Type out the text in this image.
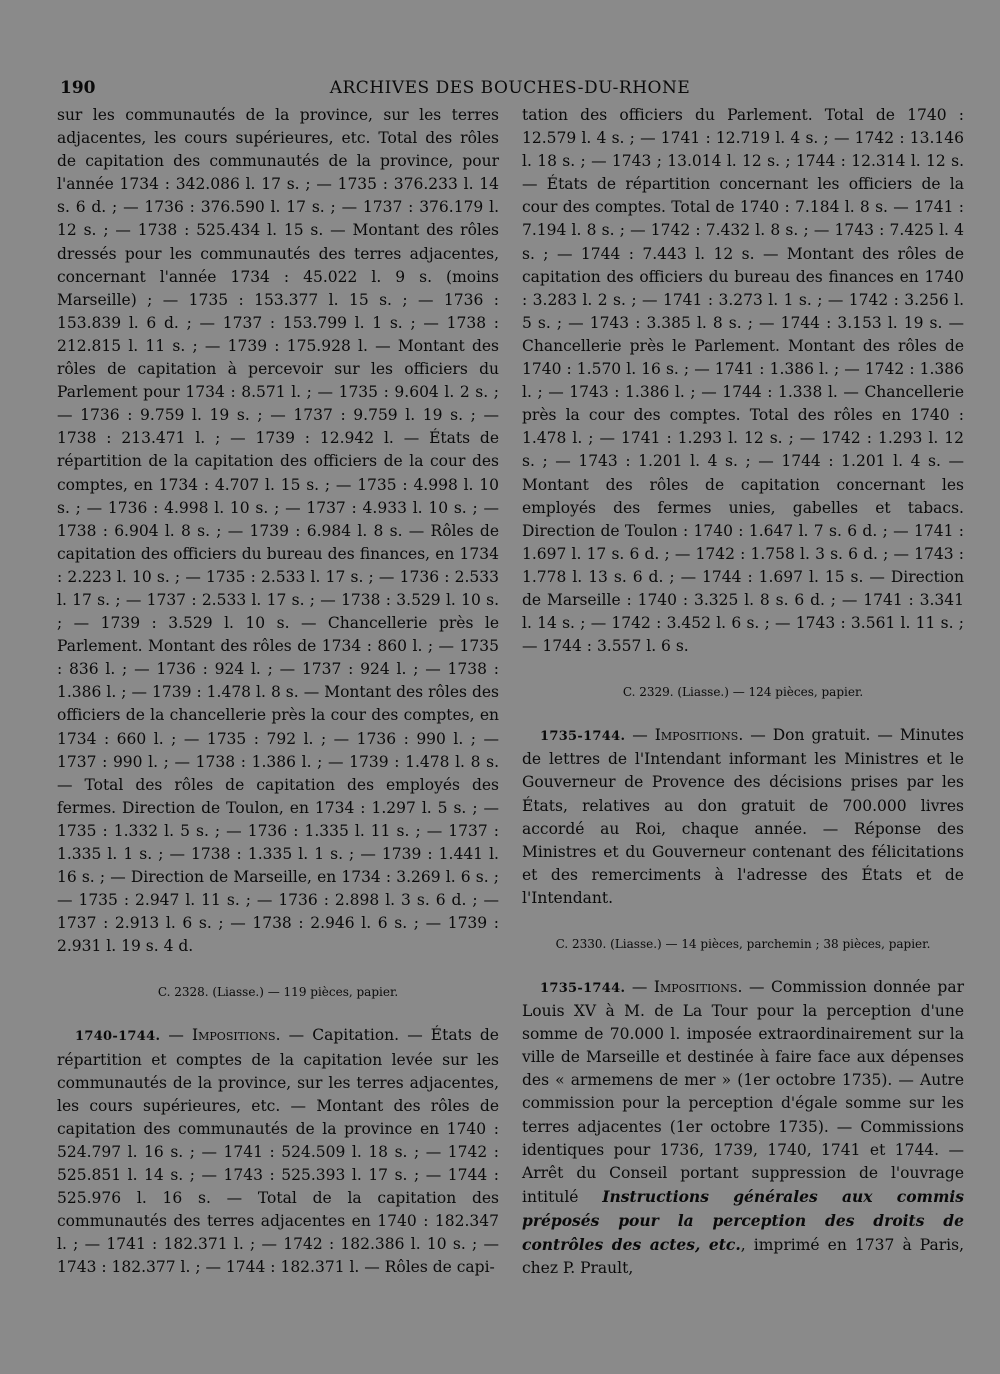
190	ARCHIVES DES BOUCHES-DU-RHONE

sur les communautés de la province, sur les terres adjacentes, les cours supérieures, etc. Total des rôles de capitation des communautés de la province, pour l'année 1734 : 342.086 l. 17 s. ; — 1735 : 376.233 l. 14 s. 6 d. ; — 1736 : 376.590 l. 17 s. ; — 1737 : 376.179 l. 12 s. ; — 1738 : 525.434 l. 15 s. — Montant des rôles dressés pour les communautés des terres adjacentes, concernant l'année 1734 : 45.022 l. 9 s. (moins Marseille) ; — 1735 : 153.377 l. 15 s. ; — 1736 : 153.839 l. 6 d. ; — 1737 : 153.799 l. 1 s. ; — 1738 : 212.815 l. 11 s. ; — 1739 : 175.928 l. — Montant des rôles de capitation à percevoir sur les officiers du Parlement pour 1734 : 8.571 l. ; — 1735 : 9.604 l. 2 s. ; — 1736 : 9.759 l. 19 s. ; — 1737 : 9.759 l. 19 s. ; — 1738 : 213.471 l. ; — 1739 : 12.942 l. — États de répartition de la capitation des officiers de la cour des comptes, en 1734 : 4.707 l. 15 s. ; — 1735 : 4.998 l. 10 s. ; — 1736 : 4.998 l. 10 s. ; — 1737 : 4.933 l. 10 s. ; — 1738 : 6.904 l. 8 s. ; — 1739 : 6.984 l. 8 s. — Rôles de capitation des officiers du bureau des finances, en 1734 : 2.223 l. 10 s. ; — 1735 : 2.533 l. 17 s. ; — 1736 : 2.533 l. 17 s. ; — 1737 : 2.533 l. 17 s. ; — 1738 : 3.529 l. 10 s. ; — 1739 : 3.529 l. 10 s. — Chancellerie près le Parlement. Montant des rôles de 1734 : 860 l. ; — 1735 : 836 l. ; — 1736 : 924 l. ; — 1737 : 924 l. ; — 1738 : 1.386 l. ; — 1739 : 1.478 l. 8 s. — Montant des rôles des officiers de la chancellerie près la cour des comptes, en 1734 : 660 l. ; — 1735 : 792 l. ; — 1736 : 990 l. ; — 1737 : 990 l. ; — 1738 : 1.386 l. ; — 1739 : 1.478 l. 8 s. — Total des rôles de capitation des employés des fermes. Direction de Toulon, en 1734 : 1.297 l. 5 s. ; — 1735 : 1.332 l. 5 s. ; — 1736 : 1.335 l. 11 s. ; — 1737 : 1.335 l. 1 s. ; — 1738 : 1.335 l. 1 s. ; — 1739 : 1.441 l. 16 s. ; — Direction de Marseille, en 1734 : 3.269 l. 6 s. ; — 1735 : 2.947 l. 11 s. ; — 1736 : 2.898 l. 3 s. 6 d. ; — 1737 : 2.913 l. 6 s. ; — 1738 : 2.946 l. 6 s. ; — 1739 : 2.931 l. 19 s. 4 d.

C. 2328. (Liasse.) — 119 pièces, papier.

1740-1744. — Impositions. — Capitation. — États de répartition et comptes de la capitation levée sur les communautés de la province, sur les terres adjacentes, les cours supérieures, etc. — Montant des rôles de capitation des communautés de la province en 1740 : 524.797 l. 16 s. ; — 1741 : 524.509 l. 18 s. ; — 1742 : 525.851 l. 14 s. ; — 1743 : 525.393 l. 17 s. ; — 1744 : 525.976 l. 16 s. — Total de la capitation des communautés des terres adjacentes en 1740 : 182.347 l. ; — 1741 : 182.371 l. ; — 1742 : 182.386 l. 10 s. ; — 1743 : 182.377 l. ; — 1744 : 182.371 l. — Rôles de capi-

tation des officiers du Parlement. Total de 1740 : 12.579 l. 4 s. ; — 1741 : 12.719 l. 4 s. ; — 1742 : 13.146 l. 18 s. ; — 1743 ; 13.014 l. 12 s. ; 1744 : 12.314 l. 12 s. — États de répartition concernant les officiers de la cour des comptes. Total de 1740 : 7.184 l. 8 s. — 1741 : 7.194 l. 8 s. ; — 1742 : 7.432 l. 8 s. ; — 1743 : 7.425 l. 4 s. ; — 1744 : 7.443 l. 12 s. — Montant des rôles de capitation des officiers du bureau des finances en 1740 : 3.283 l. 2 s. ; — 1741 : 3.273 l. 1 s. ; — 1742 : 3.256 l. 5 s. ; — 1743 : 3.385 l. 8 s. ; — 1744 : 3.153 l. 19 s. — Chancellerie près le Parlement. Montant des rôles de 1740 : 1.570 l. 16 s. ; — 1741 : 1.386 l. ; — 1742 : 1.386 l. ; — 1743 : 1.386 l. ; — 1744 : 1.338 l. — Chancellerie près la cour des comptes. Total des rôles en 1740 : 1.478 l. ; — 1741 : 1.293 l. 12 s. ; — 1742 : 1.293 l. 12 s. ; — 1743 : 1.201 l. 4 s. ; — 1744 : 1.201 l. 4 s. — Montant des rôles de capitation concernant les employés des fermes unies, gabelles et tabacs. Direction de Toulon : 1740 : 1.647 l. 7 s. 6 d. ; — 1741 : 1.697 l. 17 s. 6 d. ; — 1742 : 1.758 l. 3 s. 6 d. ; — 1743 : 1.778 l. 13 s. 6 d. ; — 1744 : 1.697 l. 15 s. — Direction de Marseille : 1740 : 3.325 l. 8 s. 6 d. ; — 1741 : 3.341 l. 14 s. ; — 1742 : 3.452 l. 6 s. ; — 1743 : 3.561 l. 11 s. ; — 1744 : 3.557 l. 6 s.

C. 2329. (Liasse.) — 124 pièces, papier.

1735-1744. — Impositions. — Don gratuit. — Minutes de lettres de l'Intendant informant les Ministres et le Gouverneur de Provence des décisions prises par les États, relatives au don gratuit de 700.000 livres accordé au Roi, chaque année. — Réponse des Ministres et du Gouverneur contenant des félicitations et des remerciments à l'adresse des États et de l'Intendant.

C. 2330. (Liasse.) — 14 pièces, parchemin ; 38 pièces, papier.

1735-1744. — Impositions. — Commission donnée par Louis XV à M. de La Tour pour la perception d'une somme de 70.000 l. imposée extraordinairement sur la ville de Marseille et destinée à faire face aux dépenses des « armemens de mer » (1er octobre 1735). — Autre commission pour la perception d'égale somme sur les terres adjacentes (1er octobre 1735). — Commissions identiques pour 1736, 1739, 1740, 1741 et 1744. — Arrêt du Conseil portant suppression de l'ouvrage intitulé Instructions générales aux commis préposés pour la perception des droits de contrôles des actes, etc., imprimé en 1737 à Paris, chez P. Prault,
